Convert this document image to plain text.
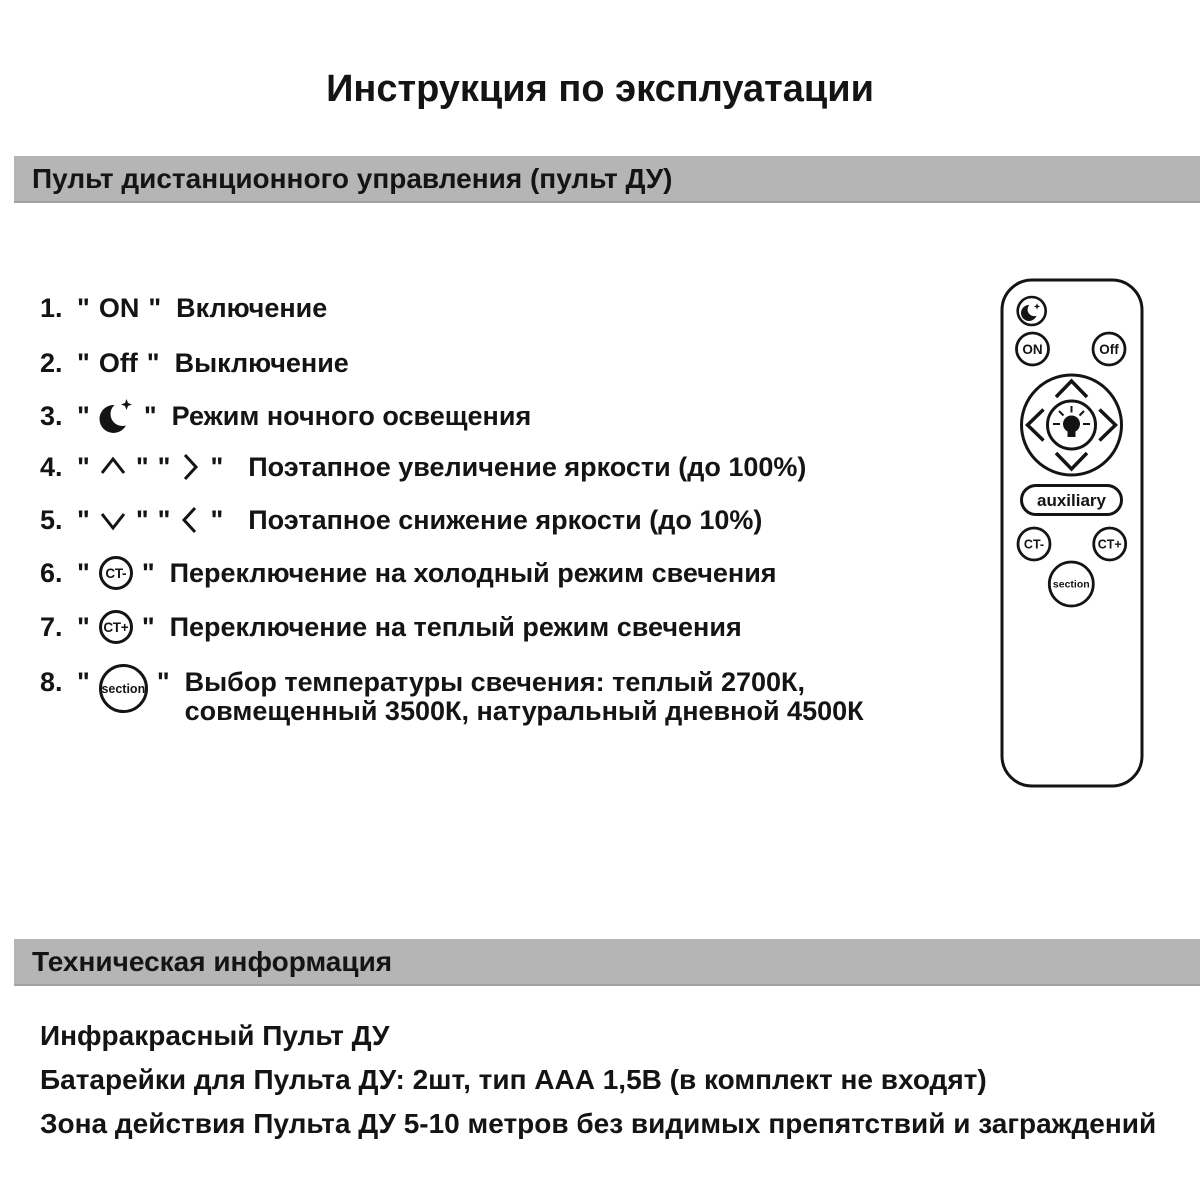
Инструкция по эксплуатации
Пульт дистанционного управления (пульт ДУ)
1. " ON " Включение
2. " Off " Выключение
3. " " Режим ночного освещения
4. " " " " Поэтапное увеличение яркости (до 100%)
5. " " " " Поэтапное снижение яркости (до 10%)
6. "	CT- " Переключение на холодный режим свечения
7. "	CT+ " Переключение на теплый режим свечения
8. " section " Выбор температуры свечения: теплый 2700К,
совмещенный 3500К, натуральный дневной 4500К
ON	Off
auxiliary
CT-	CT+
section
Техническая информация
Инфракрасный Пульт ДУ
Батарейки для Пульта ДУ: 2шт, тип ААА 1,5В (в комплект не входят)
Зона действия Пульта ДУ 5-10 метров без видимых препятствий и заграждений
